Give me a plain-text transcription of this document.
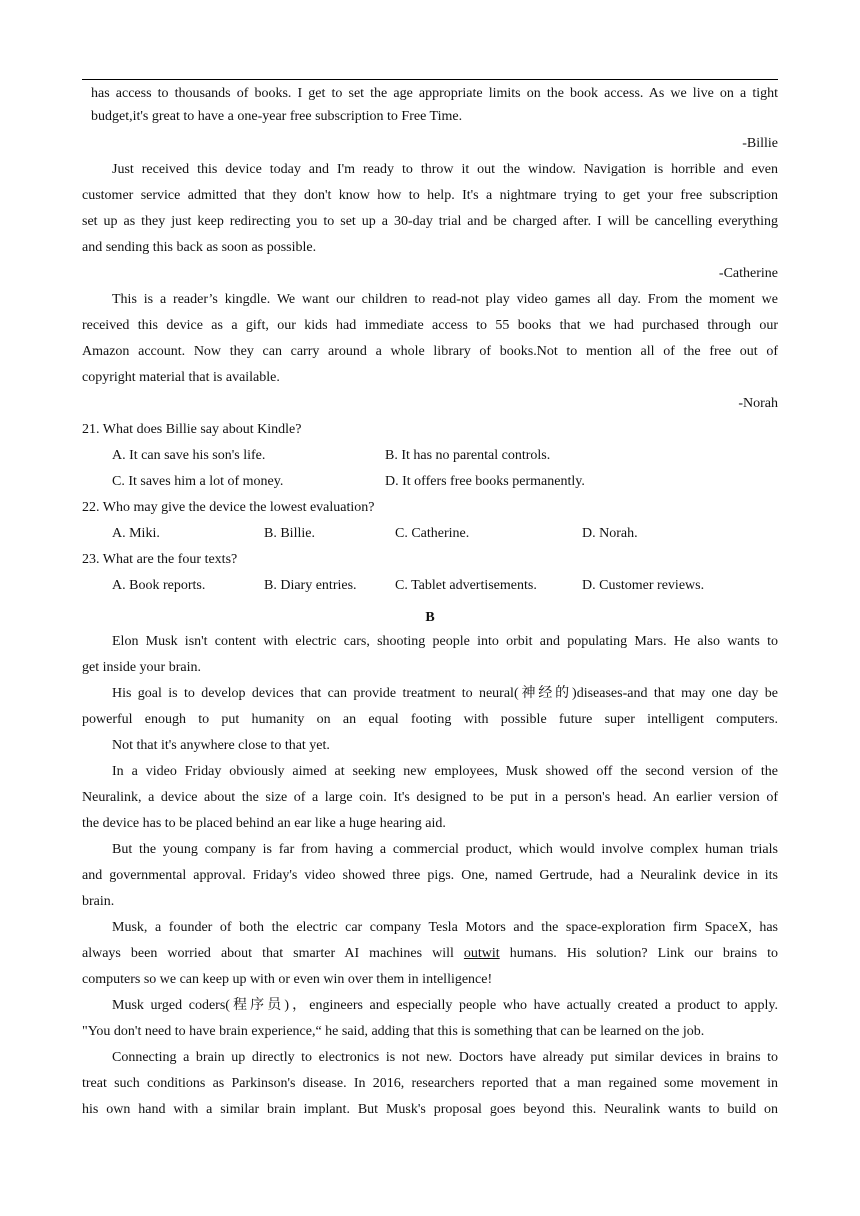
has access to thousands of books. I get to set the age appropriate limits on the book access. As we live on a tight
budget,it's great to have a one-year free subscription to Free Time.
-Billie
Just received this device today and I'm ready to throw it out the window. Navigation is horrible and even
customer service admitted that they don't know how to help. It's a nightmare trying to get your free subscription
set up as they just keep redirecting you to set up a 30-day trial and be charged after. I will be cancelling everything
and sending this back as soon as possible.
-Catherine
This is a reader’s kingdle. We want our children to read-not play video games all day. From the moment we
received this device as a gift, our kids had immediate access to 55 books that we had purchased through our
Amazon account. Now they can carry around a whole library of books.Not to mention all of the free out of
copyright material that is available.
-Norah
21. What does Billie say about Kindle?
A. It can save his son's life.	B. It has no parental controls.
C. It saves him a lot of money.	D. It offers free books permanently.
22. Who may give the device the lowest evaluation?
A. Miki.	B. Billie.	C. Catherine.	D. Norah.
23. What are the four texts?
A. Book reports.	B. Diary entries.	C. Tablet advertisements.	D. Customer reviews.
B
Elon Musk isn't content with electric cars, shooting people into orbit and populating Mars. He also wants to
get inside your brain.
His goal is to develop devices that can provide treatment to neural(神经的)diseases-and that may one day be
powerful enough to put humanity on an equal footing with possible future super intelligent computers.
Not that it's anywhere close to that yet.
In a video Friday obviously aimed at seeking new employees, Musk showed off the second version of the
Neuralink, a device about the size of a large coin. It's designed to be put in a person's head. An earlier version of
the device has to be placed behind an ear like a huge hearing aid.
But the young company is far from having a commercial product, which would involve complex human trials
and governmental approval. Friday's video showed three pigs. One, named Gertrude, had a Neuralink device in its
brain.
Musk, a founder of both the electric car company Tesla Motors and the space-exploration firm SpaceX, has
always been worried about that smarter AI machines will outwit humans. His solution? Link our brains to
computers so we can keep up with or even win over them in intelligence!
Musk urged coders(程序员)，engineers and especially people who have actually created a product to apply.
"You don't need to have brain experience,“ he said, adding that this is something that can be learned on the job.
Connecting a brain up directly to electronics is not new. Doctors have already put similar devices in brains to
treat such conditions as Parkinson's disease. In 2016, researchers reported that a man regained some movement in
his own hand with a similar brain implant. But Musk's proposal goes beyond this. Neuralink wants to build on
